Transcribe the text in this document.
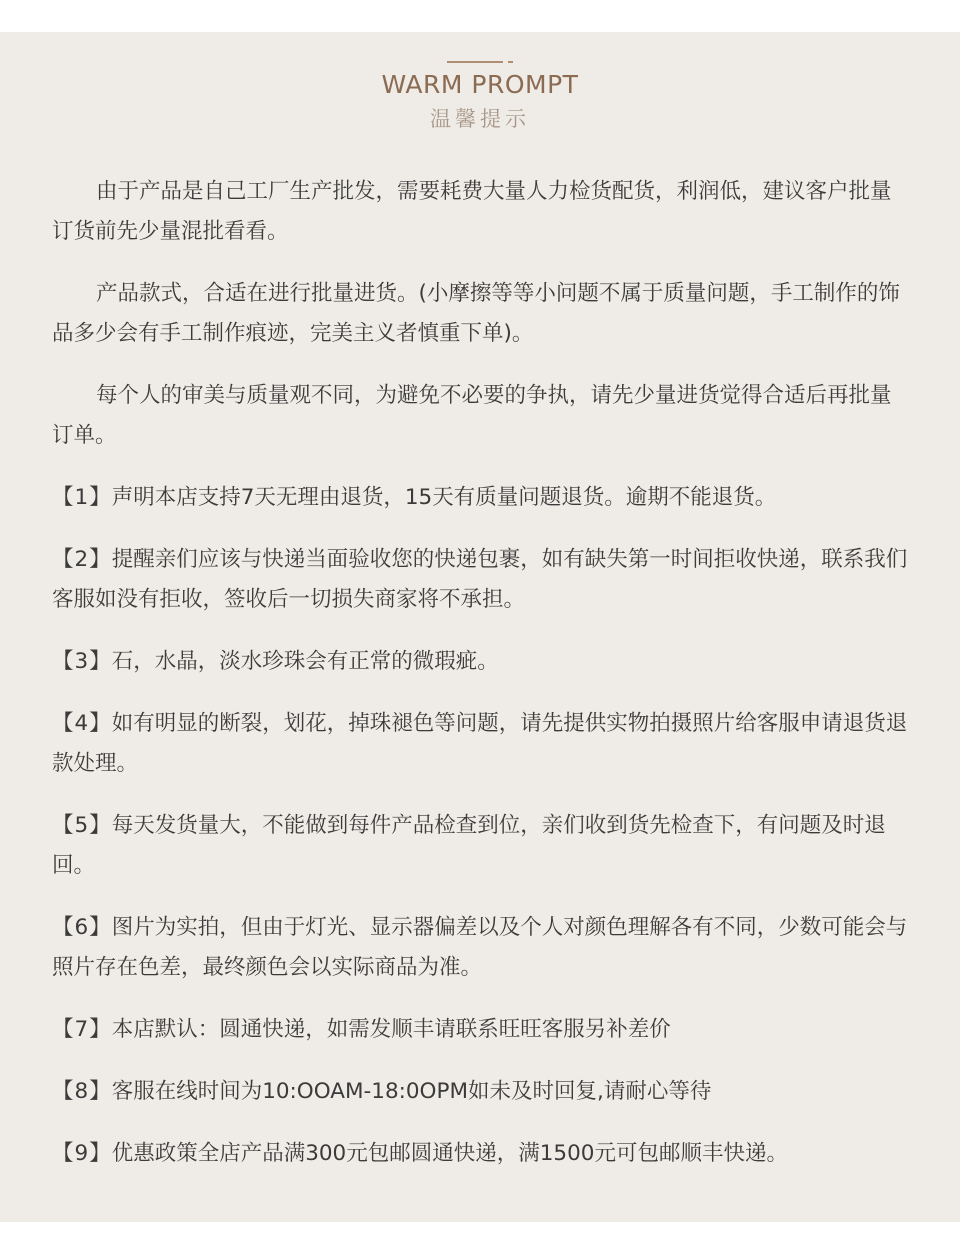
WARM PROMPT
温馨提示

由于产品是自己工厂生产批发，需要耗费大量人力检货配货，利润低，建议客户批量订货前先少量混批看看。

产品款式，合适在进行批量进货。(小摩擦等等小问题不属于质量问题，手工制作的饰品多少会有手工制作痕迹，完美主义者慎重下单)。

每个人的审美与质量观不同，为避免不必要的争执，请先少量进货觉得合适后再批量订单。

【1】声明本店支持7天无理由退货，15天有质量问题退货。逾期不能退货。

【2】提醒亲们应该与快递当面验收您的快递包裹，如有缺失第一时间拒收快递，联系我们客服如没有拒收，签收后一切损失商家将不承担。

【3】石，水晶，淡水珍珠会有正常的微瑕疵。

【4】如有明显的断裂，划花，掉珠褪色等问题，请先提供实物拍摄照片给客服申请退货退款处理。

【5】每天发货量大，不能做到每件产品检查到位，亲们收到货先检查下，有问题及时退回。

【6】图片为实拍，但由于灯光、显示器偏差以及个人对颜色理解各有不同，少数可能会与照片存在色差，最终颜色会以实际商品为准。

【7】本店默认：圆通快递，如需发顺丰请联系旺旺客服另补差价

【8】客服在线时间为10:OOAM-18:0OPM如未及时回复,请耐心等待

【9】优惠政策全店产品满300元包邮圆通快递，满1500元可包邮顺丰快递。
